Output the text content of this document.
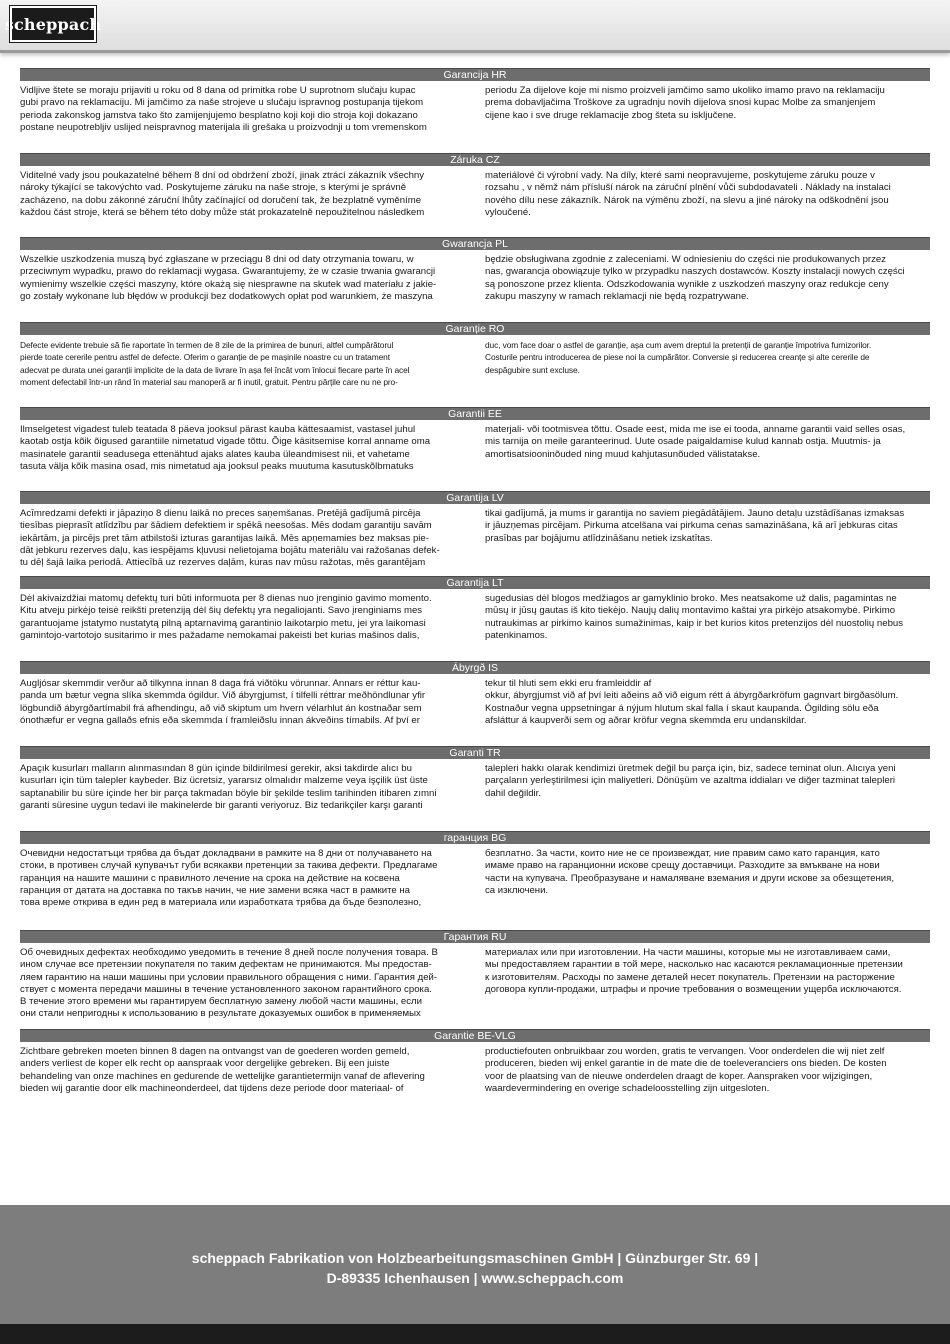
scheppach
Garancija HR
Vidljive štete se moraju prijaviti u roku od 8 dana od primitka robe U suprotnom slučaju kupac
gubi pravo na reklamaciju. Mi jamčimo za naše strojeve u slučaju ispravnog postupanja tijekom
perioda zakonskog jamstva tako što zamijenjujemo besplatno koji koji dio stroja koji dokazano
postane neupotrebljiv uslijed neispravnog materijala ili grešaka u proizvodnji u tom vremenskom
periodu Za dijelove koje mi nismo proizveli jamčimo samo ukoliko imamo pravo na reklamaciju
prema dobavljačima Troškove za ugradnju novih dijelova snosi kupac Molbe za smanjenjem
cijene kao i sve druge reklamacije zbog šteta su isključene.
Záruka CZ
Viditelné vady jsou poukazatelné během 8 dní od obdržení zboží, jinak ztrácí zákazník všechny
nároky týkající se takovýchto vad. Poskytujeme záruku na naše stroje, s kterými je správně
zacházeno, na dobu zákonné záruční lhůty začínající od doručení tak, že bezplatně vyměníme
každou část stroje, která se během této doby může stát prokazatelně nepoužitelnou následkem
materiálové či výrobní vady. Na díly, které sami neopravujeme, poskytujeme záruku pouze v
rozsahu , v němž nám přísluší nárok na záruční plnění vůči subdodavateli . Náklady na instalaci
nového dílu nese zákazník. Nárok na výměnu zboží, na slevu a jiné nároky na odškodnění jsou
vyloučené.
Gwarancja PL
Wszelkie uszkodzenia muszą być zgłaszane w przeciągu 8 dni od daty otrzymania towaru, w
przeciwnym wypadku, prawo do reklamacji wygasa. Gwarantujemy, że w czasie trwania gwarancji
wymienimy wszelkie części maszyny, które okażą się niesprawne na skutek wad materiału z jakie-
go zostały wykonane lub błędów w produkcji bez dodatkowych opłat pod warunkiem, że maszyna
będzie obsługiwana zgodnie z zaleceniami. W odniesieniu do części nie produkowanych przez
nas, gwarancja obowiązuje tylko w przypadku naszych dostawców. Koszty instalacji nowych części
są ponoszone przez klienta. Odszkodowania wynikłe z uszkodzeń maszyny oraz redukcje ceny
zakupu maszyny w ramach reklamacji nie będą rozpatrywane.
Garanție RO
Defecte evidente trebuie să fie raportate în termen de 8 zile de la primirea de bunuri, altfel cumpărătorul
pierde toate cererile pentru astfel de defecte. Oferim o garanție de pe mașinile noastre cu un tratament
adecvat pe durata unei garanții implicite de la data de livrare în așa fel încât vom înlocui fiecare parte în acel
moment defectabil într-un rând în material sau manoperă ar fi inutil, gratuit. Pentru părțile care nu ne pro-
duc, vom face doar o astfel de garanție, așa cum avem dreptul la pretenții de garanție împotriva furnizorilor.
Costurile pentru introducerea de piese noi la cumpărător. Conversie și reducerea creanțe și alte cererile de
despăgubire sunt excluse.
Garantii EE
Ilmselgetest vigadest tuleb teatada 8 päeva jooksul pärast kauba kättesaamist, vastasel juhul
kaotab ostja kõik õigused garantiile nimetatud vigade tõttu. Õige käsitsemise korral anname oma
masinatele garantii seadusega ettenähtud ajaks alates kauba üleandmisest nii, et vahetame
tasuta välja kõik masina osad, mis nimetatud aja jooksul peaks muutuma kasutuskõlbmatuks
materjali- või tootmisvea tõttu. Osade eest, mida me ise ei tooda, anname garantii vaid selles osas,
mis tarnija on meile garanteerinud. Uute osade paigaldamise kulud kannab ostja. Muutmis- ja
amortisatsiooninõuded ning muud kahjutasunõuded välistatakse.
Garantija LV
Acīmredzami defekti ir jāpaziņo 8 dienu laikā no preces saņemšanas. Pretējā gadījumā pircēja
tiesības pieprasīt atlīdzību par šādiem defektiem ir spēkā neesošas. Mēs dodam garantiju savām
iekārtām, ja pircējs pret tām atbilstoši izturas garantijas laikā. Mēs apņemamies bez maksas pie-
dāt jebkuru rezerves daļu, kas iespējams kļuvusi nelietojama bojātu materiālu vai ražošanas defek-
tu dēļ šajā laika periodā. Attiecībā uz rezerves daļām, kuras nav mūsu ražotas, mēs garantējam
tikai gadījumā, ja mums ir garantija no saviem piegādātājiem. Jauno detaļu uzstādīšanas izmaksas
ir jāuzņemas pircējam. Pirkuma atcelšana vai pirkuma cenas samazināšana, kā arī jebkuras citas
prasības par bojājumu atlīdzināšanu netiek izskatītas.
Garantija LT
Dėl akivaizdžiai matomų defektų turi būti informuota per 8 dienas nuo įrenginio gavimo momento.
Kitu atveju pirkėjo teisė reikšti pretenziją dėl šių defektų yra negaliojanti. Savo įrenginiams mes
garantuojame įstatymo nustatytą pilną aptarnavimą garantinio laikotarpio metu, jei yra laikomasi
gamintojo-vartotojo susitarimo ir mes pažadame nemokamai pakeisti bet kurias mašinos dalis,
sugedusias dėl blogos medžiagos ar gamyklinio broko. Mes neatsakome už dalis, pagamintas ne
mūsų ir jūsų gautas iš kito tiekėjo. Naujų dalių montavimo kaštai yra pirkėjo atsakomybė. Pirkimo
nutraukimas ar pirkimo kainos sumažinimas, kaip ir bet kurios kitos pretenzijos dėl nuostolių nebus
patenkinamos.
Ábyrgð IS
Augljósar skemmdir verður að tilkynna innan 8 daga frá viðtöku vörunnar. Annars er réttur kau-
panda um bætur vegna slíka skemmda ógildur. Við ábyrgjumst, í tilfelli réttrar meðhöndlunar yfir
lögbundið ábyrgðartímabil frá afhendingu, að við skiptum um hvern vélarhlut án kostnaðar sem
ónothæfur er vegna gallaðs efnis eða skemmda í framleiðslu innan ákveðins tímabils. Af því er
tekur til hluti sem ekki eru framleiddir af
okkur, ábyrgjumst við af því leiti aðeins að við eigum rétt á ábyrgðarkröfum gagnvart birgðasölum.
Kostnaður vegna uppsetningar á nýjum hlutum skal falla í skaut kaupanda. Ógilding sölu eða
afsláttur á kaupverði sem og aðrar kröfur vegna skemmda eru undanskildar.
Garanti TR
Apaçık kusurları malların alınmasından 8 gün içinde bildirilmesi gerekir, aksi takdirde alıcı bu
kusurları için tüm talepler kaybeder. Biz ücretsiz, yararsız olmalıdır malzeme veya işçilik üst üste
saptanabilir bu süre içinde her bir parça takmadan böyle bir şekilde teslim tarihinden itibaren zımni
garanti süresine uygun tedavi ile makinelerde bir garanti veriyoruz. Biz tedarikçiler karşı garanti
talepleri hakkı olarak kendimizi üretmek değil bu parça için, biz, sadece teminat olun. Alıcıya yeni
parçaların yerleştirilmesi için maliyetleri. Dönüşüm ve azaltma iddiaları ve diğer tazminat talepleri
dahil değildir.
гаранция BG
Очевидни недостатъци трябва да бъдат докладвани в рамките на 8 дни от получаването на
стоки, в противен случай купувачът губи всякакви претенции за такива дефекти. Предлагаме
гаранция на нашите машини с правилното лечение на срока на действие на косвена
гаранция от датата на доставка по такъв начин, че ние замени всяка част в рамките на
това време открива в един ред в материала или изработката трябва да бъде безполезно,
безплатно. За части, които ние не се произвеждат, ние правим само като гаранция, като
имаме право на гаранционни искове срещу доставчици. Разходите за вмъкване на нови
части на купувача. Преобразуване и намаляване вземания и други искове за обезщетения,
са изключени.
Гарантия RU
Об очевидных дефектах необходимо уведомить в течение 8 дней после получения товара. В
ином случае все претензии покупателя по таким дефектам не принимаются. Мы предостав-
ляем гарантию на наши машины при условии правильного обращения с ними. Гарантия дей-
ствует с момента передачи машины в течение установленного законом гарантийного срока.
В течение этого времени мы гарантируем бесплатную замену любой части машины, если
они стали непригодны к использованию в результате доказуемых ошибок в применяемых
материалах или при изготовлении. На части машины, которые мы не изготавливаем сами,
мы предоставляем гарантии в той мере, насколько нас касаются рекламационные претензии
к изготовителям. Расходы по замене деталей несет покупатель. Претензии на расторжение
договора купли-продажи, штрафы и прочие требования о возмещении ущерба исключаются.
Garantie BE-VLG
Zichtbare gebreken moeten binnen 8 dagen na ontvangst van de goederen worden gemeld,
anders verliest de koper elk recht op aanspraak voor dergelijke gebreken. Bij een juiste
behandeling van onze machines en gedurende de wettelijke garantietermijn vanaf de aflevering
bieden wij garantie door elk machineonderdeel, dat tijdens deze periode door materiaal- of
productiefouten onbruikbaar zou worden, gratis te vervangen. Voor onderdelen die wij niet zelf
produceren, bieden wij enkel garantie in de mate die de toeleveranciers ons bieden. De kosten
voor de plaatsing van de nieuwe onderdelen draagt de koper. Aanspraken voor wijzigingen,
waardevermindering en overige schadeloosstelling zijn uitgesloten.
scheppach Fabrikation von Holzbearbeitungsmaschinen GmbH | Günzburger Str. 69 |
D-89335 Ichenhausen | www.scheppach.com
